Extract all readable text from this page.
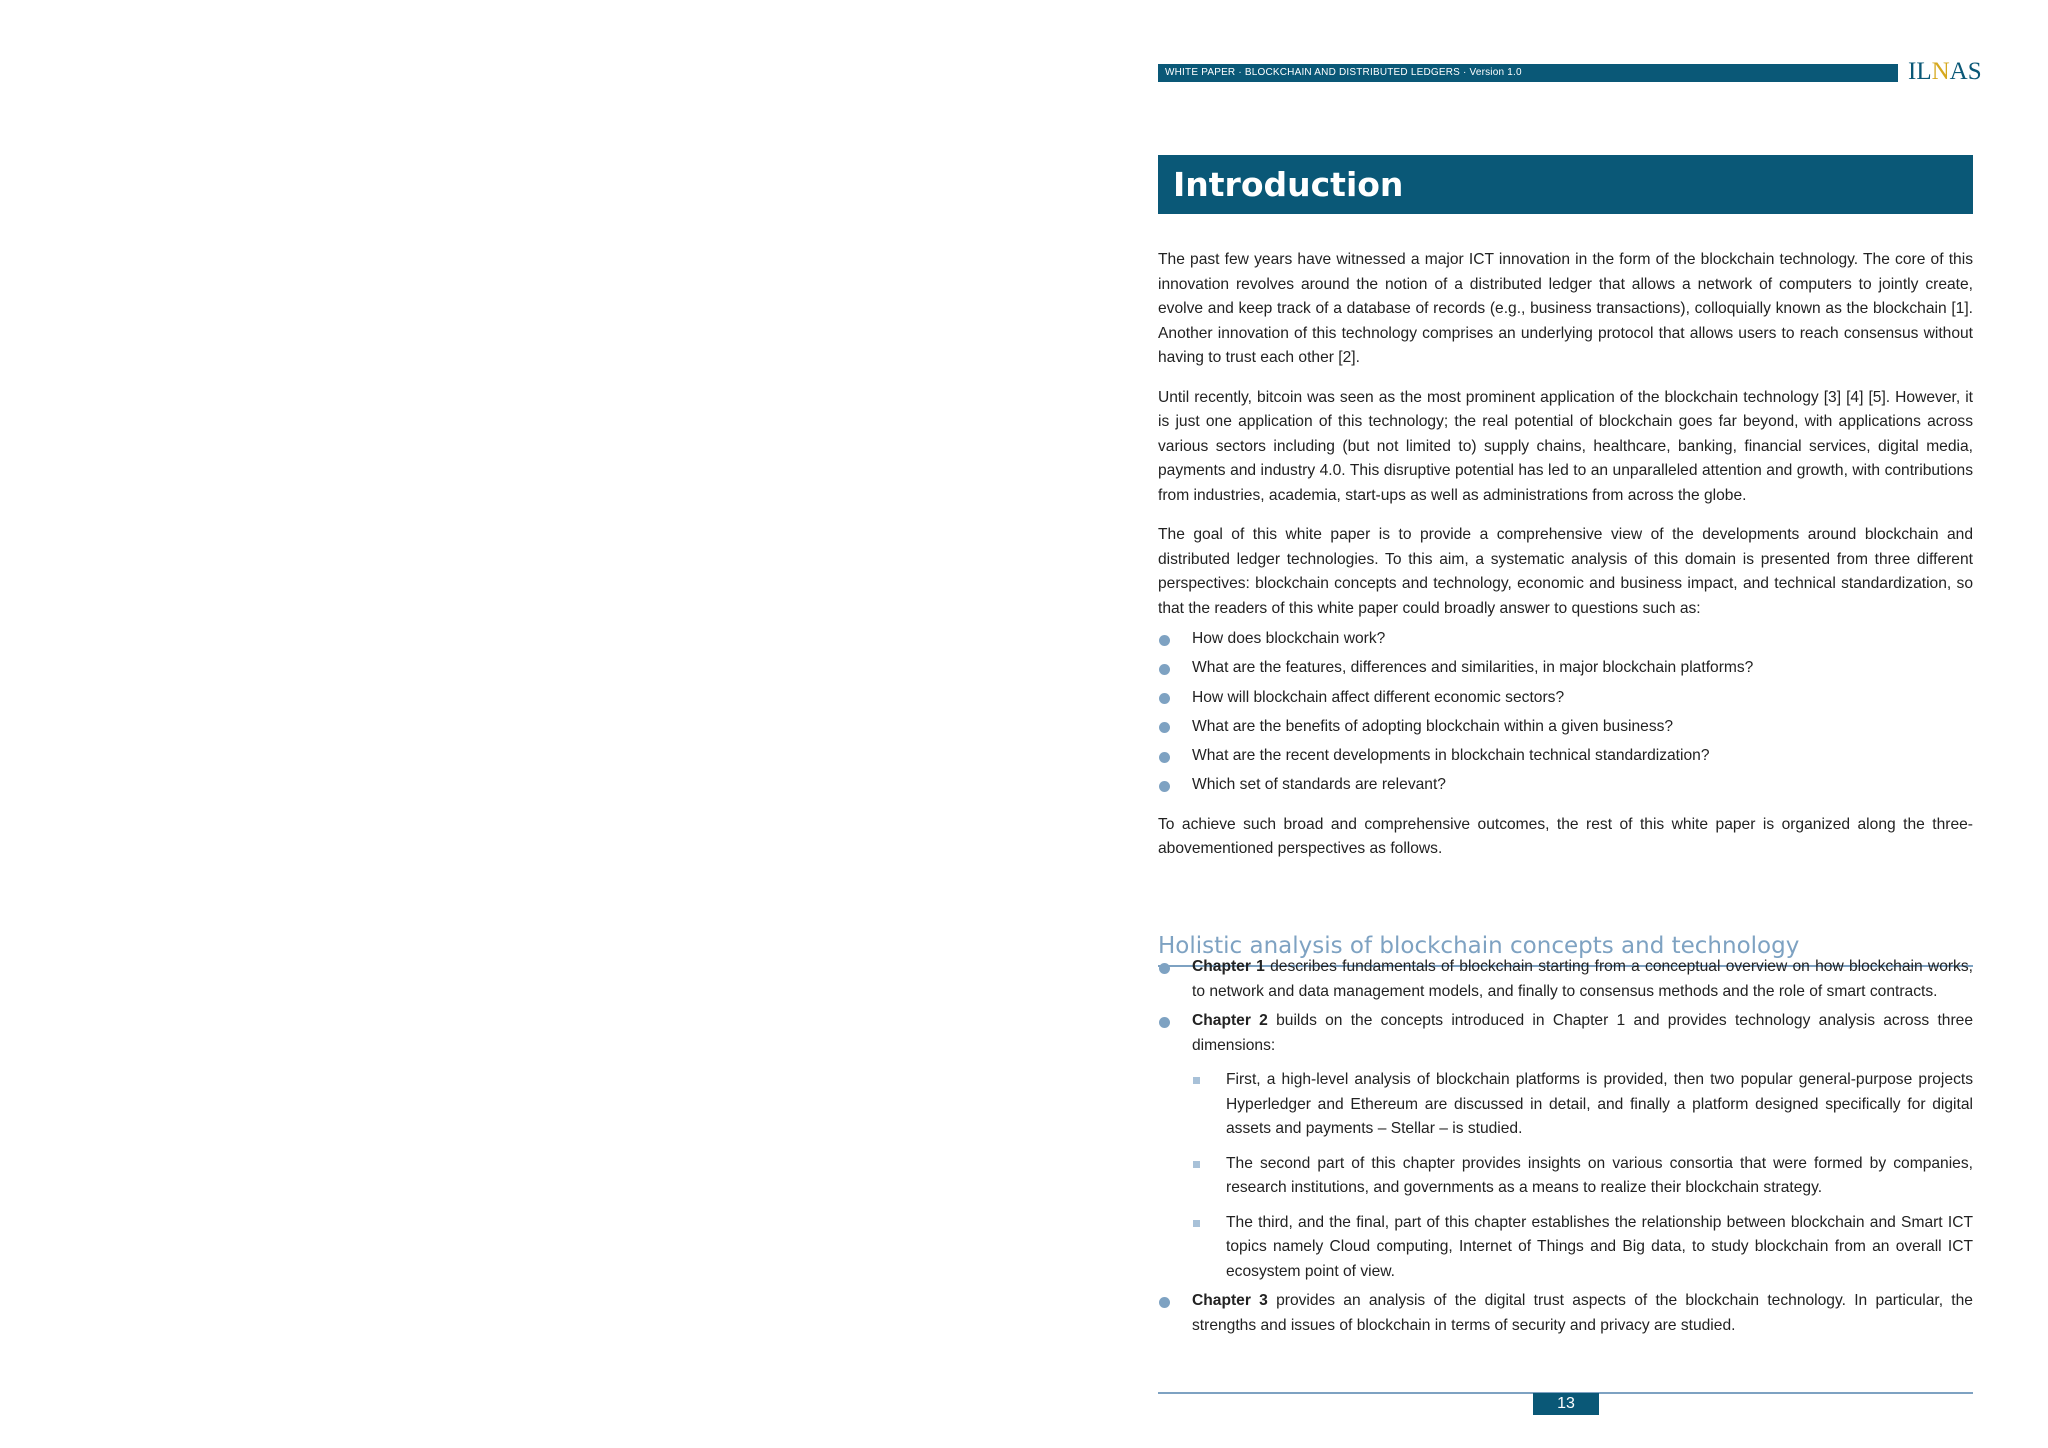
WHITE PAPER · BLOCKCHAIN AND DISTRIBUTED LEDGERS · Version 1.0	ILNAS
Introduction

The past few years have witnessed a major ICT innovation in the form of the blockchain technology. The core of this innovation revolves around the notion of a distributed ledger that allows a network of computers to jointly create, evolve and keep track of a database of records (e.g., business transactions), colloquially known as the blockchain [1]. Another innovation of this technology comprises an underlying protocol that allows users to reach consensus without having to trust each other [2].

Until recently, bitcoin was seen as the most prominent application of the blockchain technology [3] [4] [5]. However, it is just one application of this technology; the real potential of blockchain goes far beyond, with applications across various sectors including (but not limited to) supply chains, healthcare, banking, financial services, digital media, payments and industry 4.0. This disruptive potential has led to an unparalleled attention and growth, with contributions from industries, academia, start-ups as well as administrations from across the globe.

The goal of this white paper is to provide a comprehensive view of the developments around blockchain and distributed ledger technologies. To this aim, a systematic analysis of this domain is presented from three different perspectives: blockchain concepts and technology, economic and business impact, and technical standardization, so that the readers of this white paper could broadly answer to questions such as:

How does blockchain work?
What are the features, differences and similarities, in major blockchain platforms?
How will blockchain affect different economic sectors?
What are the benefits of adopting blockchain within a given business?
What are the recent developments in blockchain technical standardization?
Which set of standards are relevant?

To achieve such broad and comprehensive outcomes, the rest of this white paper is organized along the three-abovementioned perspectives as follows.

Holistic analysis of blockchain concepts and technology
Chapter 1 describes fundamentals of blockchain starting from a conceptual overview on how blockchain works, to network and data management models, and finally to consensus methods and the role of smart contracts.
Chapter 2 builds on the concepts introduced in Chapter 1 and provides technology analysis across three dimensions:
First, a high-level analysis of blockchain platforms is provided, then two popular general-purpose projects Hyperledger and Ethereum are discussed in detail, and finally a platform designed specifically for digital assets and payments – Stellar – is studied.
The second part of this chapter provides insights on various consortia that were formed by companies, research institutions, and governments as a means to realize their blockchain strategy.
The third, and the final, part of this chapter establishes the relationship between blockchain and Smart ICT topics namely Cloud computing, Internet of Things and Big data, to study blockchain from an overall ICT ecosystem point of view.
Chapter 3 provides an analysis of the digital trust aspects of the blockchain technology. In particular, the strengths and issues of blockchain in terms of security and privacy are studied.
13
